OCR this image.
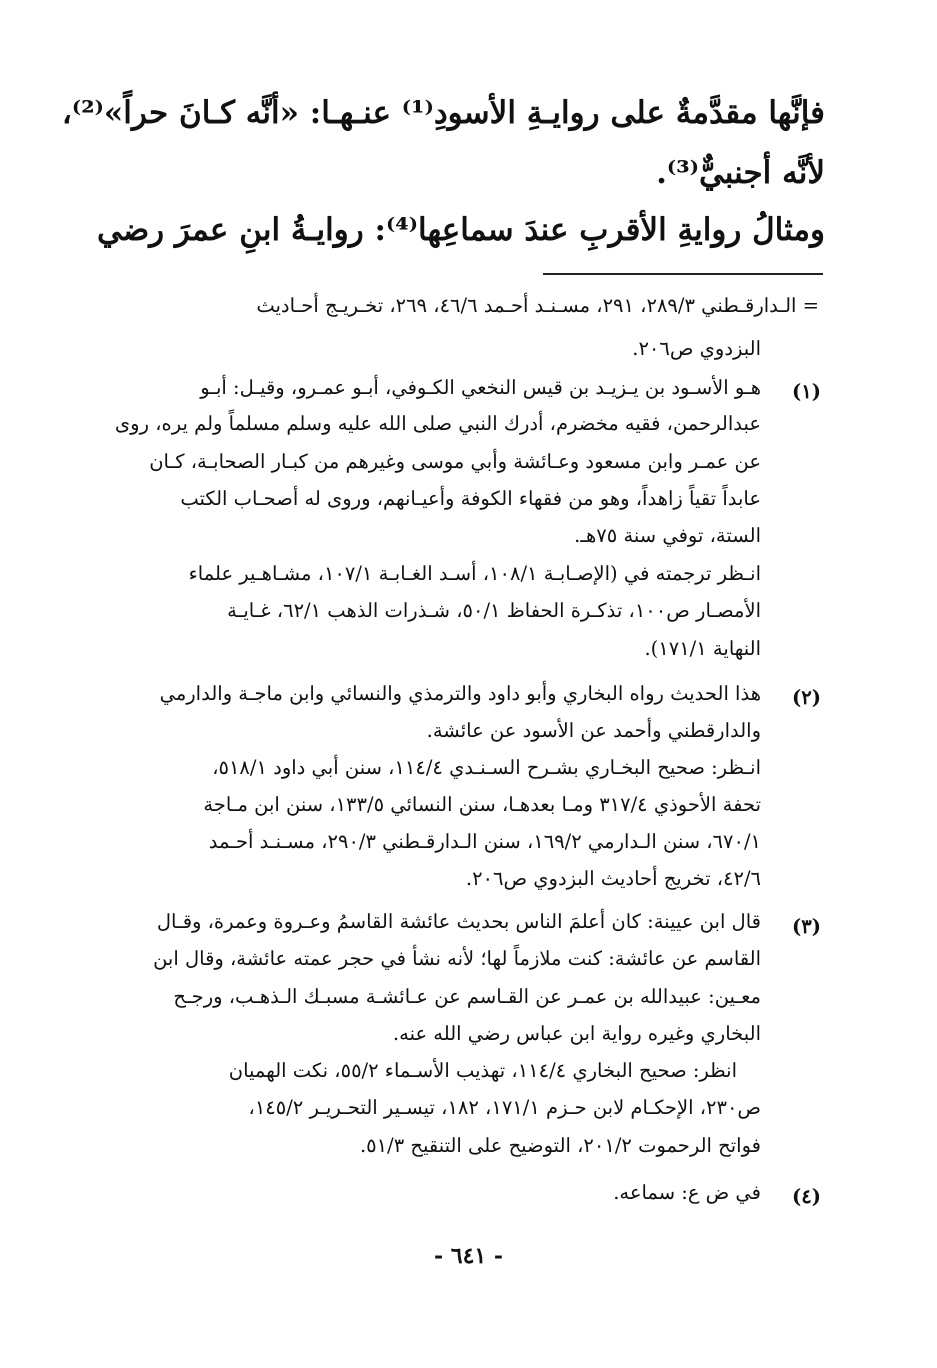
فإنَّها مقدَّمةٌ على روايـةِ الأسودِ⁽¹⁾ عنـهـا: «أنَّه كـانَ حراً»⁽²⁾،
لأنَّه أجنبيٌّ⁽³⁾.
ومثالُ روايةِ الأقربِ عندَ سماعِها⁽⁴⁾: روايـةُ ابنِ عمرَ رضي
= الـدارقـطني ٢٨٩/٣، ٢٩١، مسـنـد أحـمد ٤٦/٦، ٢٦٩، تخـريـج أحـاديث
البزدوي ص٢٠٦.
(١)
هـو الأسـود بن يـزيـد بن قيس النخعي الكـوفي، أبـو عمـرو، وقيـل: أبـو
عبدالرحمن، فقيه مخضرم، أدرك النبي صلى الله عليه وسلم مسلماً ولم يره، روى
عن عمـر وابن مسعود وعـائشة وأبي موسى وغيرهم من كبـار الصحابـة، كـان
عابداً تقياً زاهداً، وهو من فقهاء الكوفة وأعيـانهم، وروى له أصحـاب الكتب
الستة، توفي سنة ٧٥هـ.
انـظر ترجمته في (الإصـابـة ١٠٨/١، أسـد الغـابـة ١٠٧/١، مشـاهـير علماء
الأمصـار ص١٠٠، تذكـرة الحفاظ ٥٠/١، شـذرات الذهب ٦٢/١، غـايـة
النهاية ١٧١/١).
(٢)
هذا الحديث رواه البخاري وأبو داود والترمذي والنسائي وابن ماجـة والدارمي
والدارقطني وأحمد عن الأسود عن عائشة.
انـظر: صحيح البخـاري بشـرح السـنـدي ١١٤/٤، سنن أبي داود ٥١٨/١،
تحفة الأحوذي ٣١٧/٤ ومـا بعدهـا، سنن النسائي ١٣٣/٥، سنن ابن مـاجة
٦٧٠/١، سنن الـدارمي ١٦٩/٢، سنن الـدارقـطني ٢٩٠/٣، مسـنـد أحـمد
٤٢/٦، تخريج أحاديث البزدوي ص٢٠٦.
(٣)
قال ابن عيينة: كان أعلمَ الناس بحديث عائشة القاسمُ وعـروة وعمرة، وقـال
القاسم عن عائشة: كنت ملازماً لها؛ لأنه نشأ في حجر عمته عائشة، وقال ابن
معـين: عبيدالله بن عمـر عن القـاسم عن عـائشـة مسبـك الـذهـب، ورجـح
البخاري وغيره رواية ابن عباس رضي الله عنه.
انظر: صحيح البخاري ١١٤/٤، تهذيب الأسـماء ٥٥/٢، نكت الهميان
ص٢٣٠، الإحكـام لابن حـزم ١٧١/١، ١٨٢، تيسـير التحـريـر ١٤٥/٢،
فواتح الرحموت ٢٠١/٢، التوضيح على التنقيح ٥١/٣.
(٤)
في ض ع: سماعه.
- ٦٤١ -
